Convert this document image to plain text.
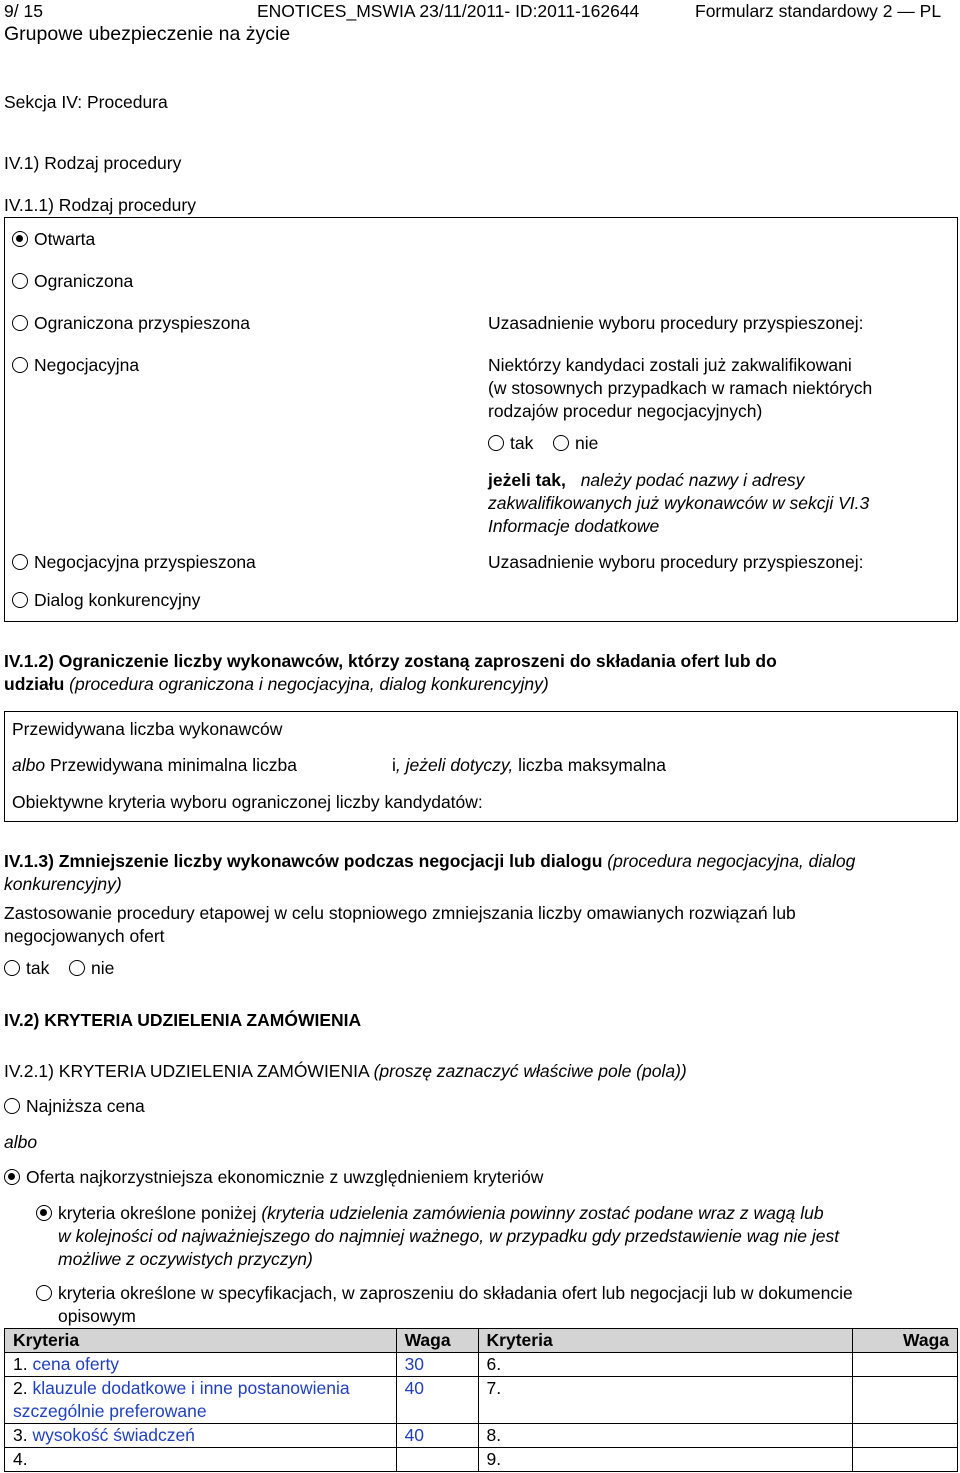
9/ 15	ENOTICES_MSWIA 23/11/2011- ID:2011-162644	Formularz standardowy 2 — PL
Grupowe ubezpieczenie na życie
Sekcja IV: Procedura
IV.1) Rodzaj procedury
IV.1.1) Rodzaj procedury
Otwarta
Ograniczona
Ograniczona przyspieszona	Uzasadnienie wyboru procedury przyspieszonej:
Negocjacyjna	Niektórzy kandydaci zostali już zakwalifikowani
(w stosownych przypadkach w ramach niektórych
rodzajów procedur negocjacyjnych)
tak	nie
jeżeli tak, należy podać nazwy i adresy
zakwalifikowanych już wykonawców w sekcji VI.3
Informacje dodatkowe
Negocjacyjna przyspieszona	Uzasadnienie wyboru procedury przyspieszonej:
Dialog konkurencyjny
IV.1.2) Ograniczenie liczby wykonawców, którzy zostaną zaproszeni do składania ofert lub do
udziału (procedura ograniczona i negocjacyjna, dialog konkurencyjny)
Przewidywana liczba wykonawców
albo Przewidywana minimalna liczba	i, jeżeli dotyczy, liczba maksymalna
Obiektywne kryteria wyboru ograniczonej liczby kandydatów:
IV.1.3) Zmniejszenie liczby wykonawców podczas negocjacji lub dialogu (procedura negocjacyjna, dialog
konkurencyjny)
Zastosowanie procedury etapowej w celu stopniowego zmniejszania liczby omawianych rozwiązań lub
negocjowanych ofert
tak	nie
IV.2) KRYTERIA UDZIELENIA ZAMÓWIENIA
IV.2.1) KRYTERIA UDZIELENIA ZAMÓWIENIA (proszę zaznaczyć właściwe pole (pola))
Najniższa cena
albo
Oferta najkorzystniejsza ekonomicznie z uwzględnieniem kryteriów
kryteria określone poniżej (kryteria udzielenia zamówienia powinny zostać podane wraz z wagą lub
w kolejności od najważniejszego do najmniej ważnego, w przypadku gdy przedstawienie wag nie jest
możliwe z oczywistych przyczyn)
kryteria określone w specyfikacjach, w zaproszeniu do składania ofert lub negocjacji lub w dokumencie
opisowym
Kryteria	Waga	Kryteria	Waga
1. cena oferty	30	6.	
2. klauzule dodatkowe i inne postanowienia szczególnie preferowane	40	7.	
3. wysokość świadczeń	40	8.	
4.		9.	
